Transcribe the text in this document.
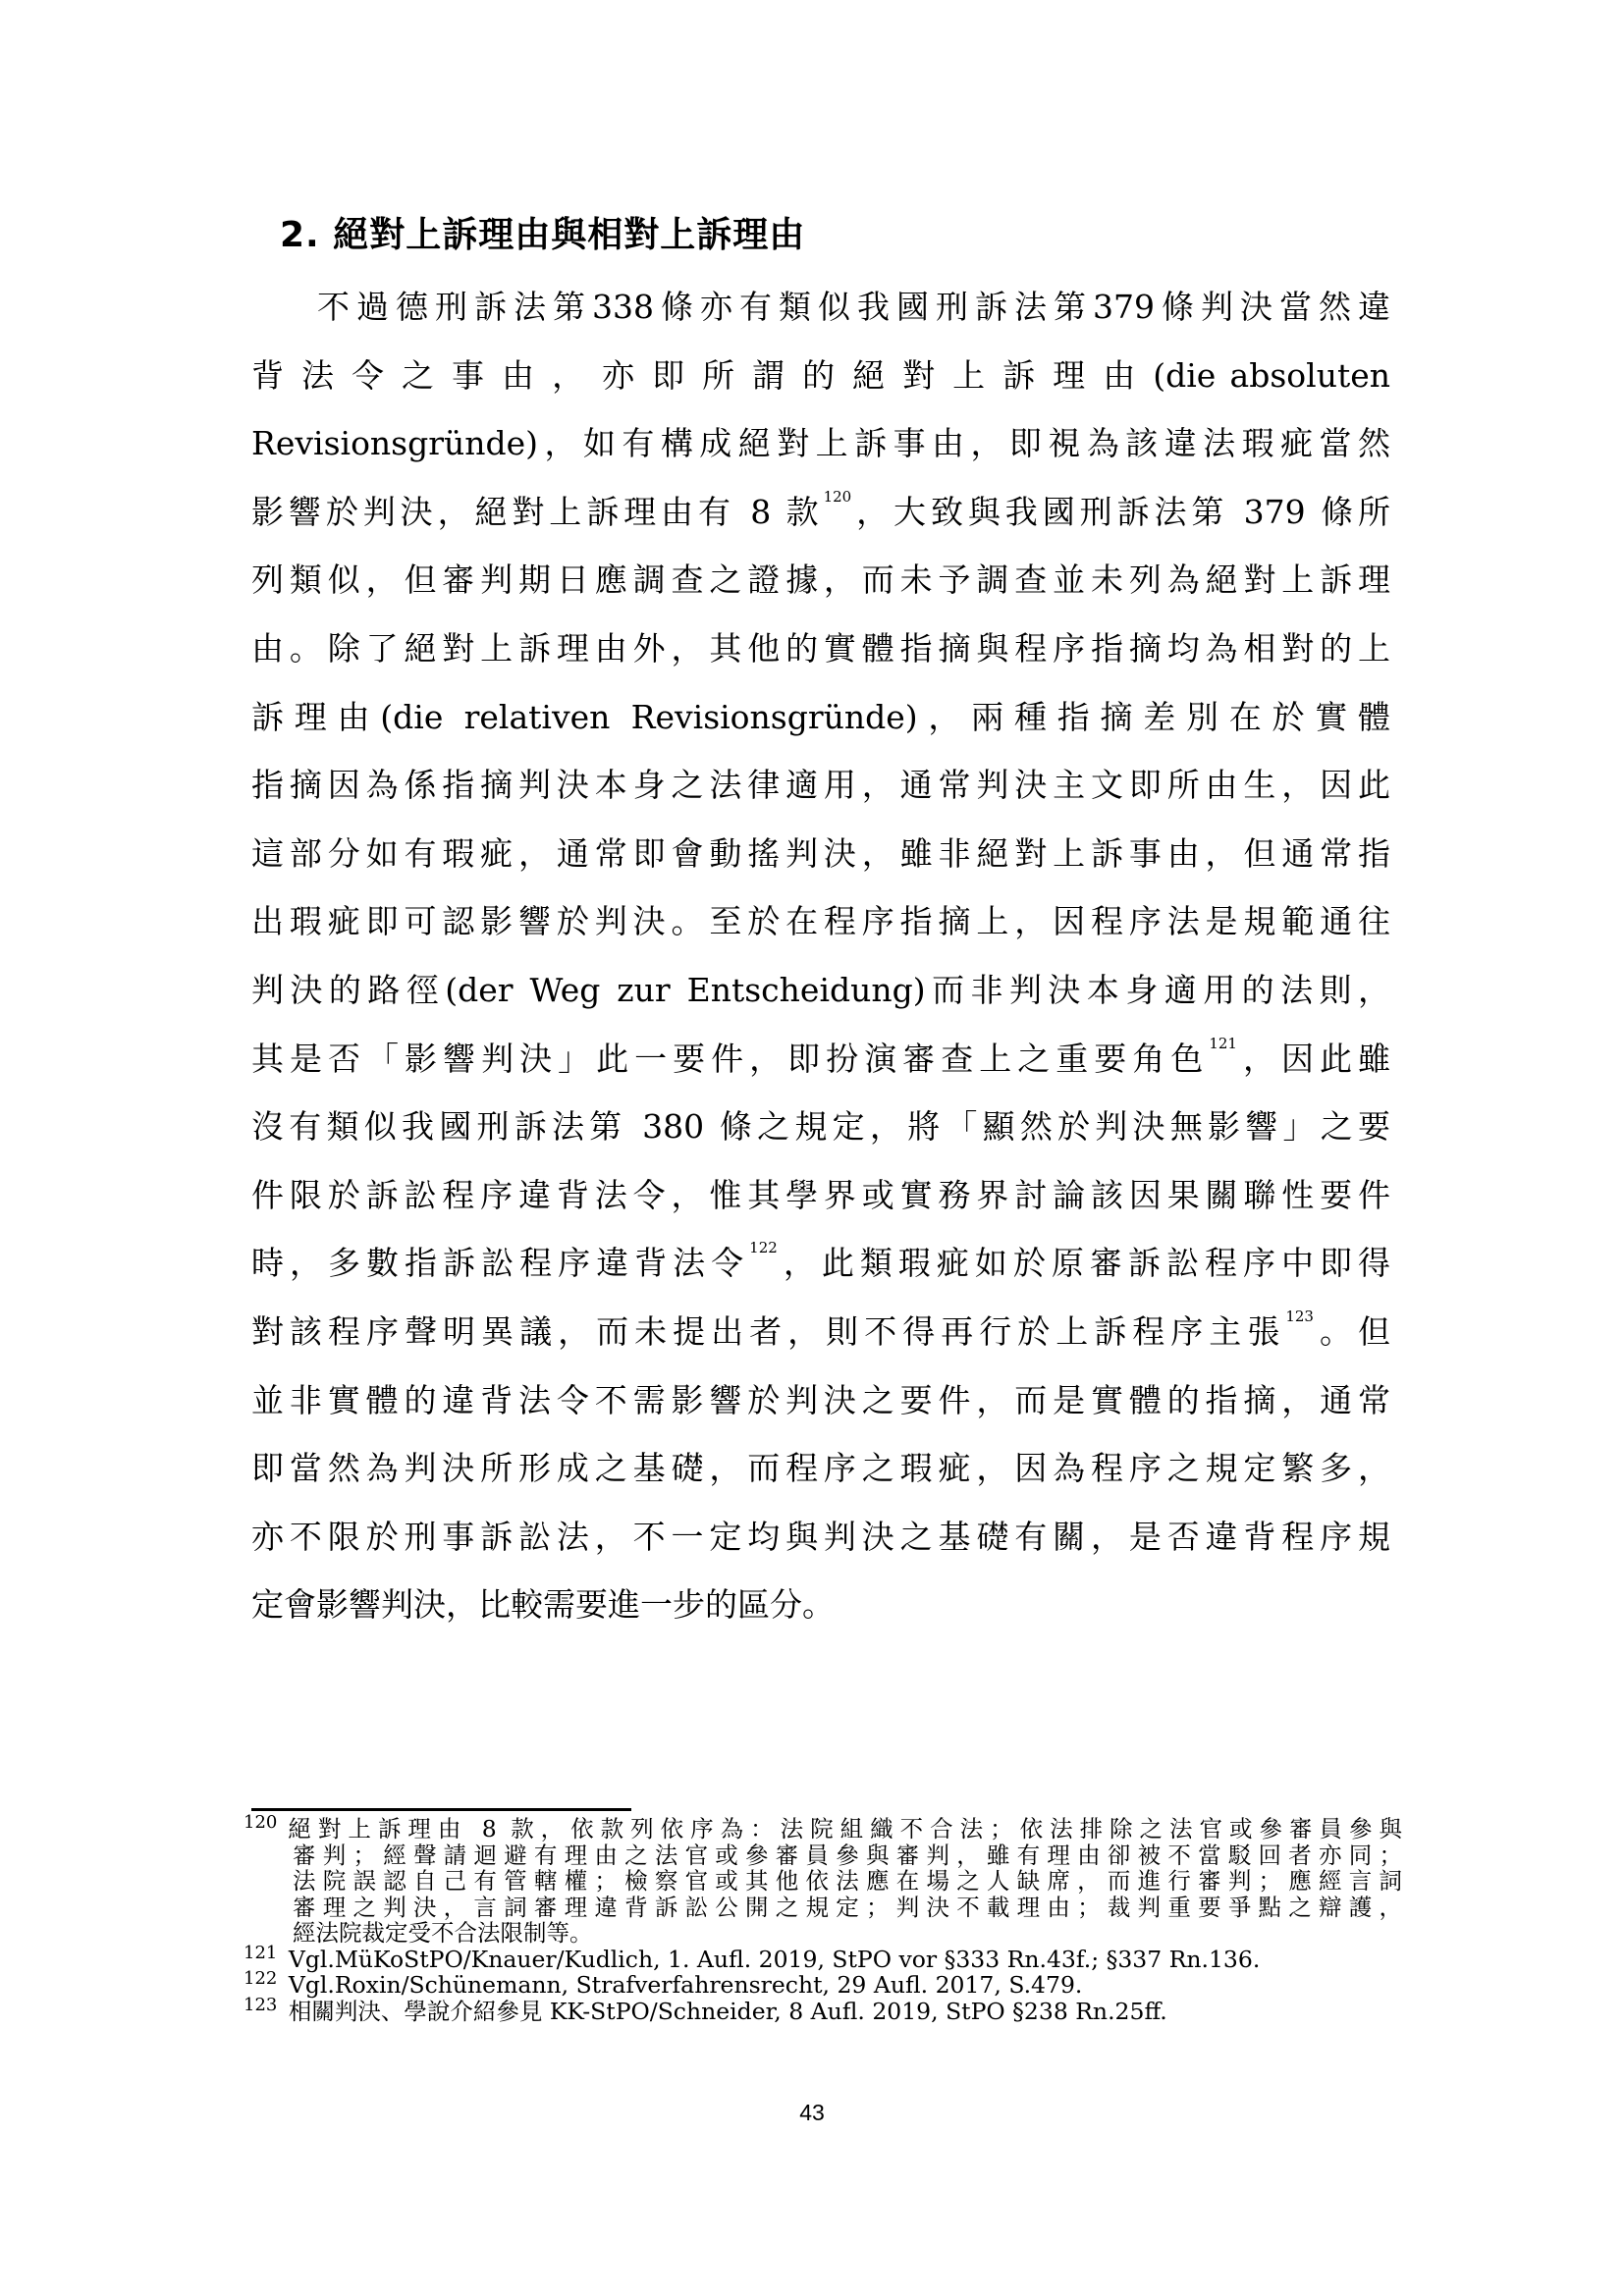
2. 絕對上訴理由與相對上訴理由
不過德刑訴法第338條亦有類似我國刑訴法第379條判決當然違
背 法 令 之 事 由 ， 亦 即 所 謂 的 絕 對 上 訴 理 由 (die absoluten
Revisionsgründe)，如有構成絕對上訴事由，即視為該違法瑕疵當然
影響於判決，絕對上訴理由有 8 款$^{120}$，大致與我國刑訴法第 379 條所
列類似，但審判期日應調查之證據，而未予調查並未列為絕對上訴理
由。除了絕對上訴理由外，其他的實體指摘與程序指摘均為相對的上
訴理由(die relativen Revisionsgründe)，兩種指摘差別在於實體
指摘因為係指摘判決本身之法律適用，通常判決主文即所由生，因此
這部分如有瑕疵，通常即會動搖判決，雖非絕對上訴事由，但通常指
出瑕疵即可認影響於判決。至於在程序指摘上，因程序法是規範通往
判決的路徑(der Weg zur Entscheidung)而非判決本身適用的法則，
其是否「影響判決」此一要件，即扮演審查上之重要角色$^{121}$，因此雖
沒有類似我國刑訴法第 380 條之規定，將「顯然於判決無影響」之要
件限於訴訟程序違背法令，惟其學界或實務界討論該因果關聯性要件
時，多數指訴訟程序違背法令$^{122}$，此類瑕疵如於原審訴訟程序中即得
對該程序聲明異議，而未提出者，則不得再行於上訴程序主張$^{123}$。但
並非實體的違背法令不需影響於判決之要件，而是實體的指摘，通常
即當然為判決所形成之基礎，而程序之瑕疵，因為程序之規定繁多，
亦不限於刑事訴訟法，不一定均與判決之基礎有關，是否違背程序規
定會影響判決，比較需要進一步的區分。
$^{120}$ 絕對上訴理由 8 款，依款列依序為：法院組織不合法；依法排除之法官或參審員參與
審判；經聲請迴避有理由之法官或參審員參與審判，雖有理由卻被不當駁回者亦同；
法院誤認自己有管轄權；檢察官或其他依法應在場之人缺席，而進行審判；應經言詞
審理之判決，言詞審理違背訴訟公開之規定；判決不載理由；裁判重要爭點之辯護，
經法院裁定受不合法限制等。
$^{121}$ Vgl.MüKoStPO/Knauer/Kudlich, 1. Aufl. 2019, StPO vor §333 Rn.43f.; §337 Rn.136.
$^{122}$ Vgl.Roxin/Schünemann, Strafverfahrensrecht, 29 Aufl. 2017, S.479.
$^{123}$ 相關判決、學說介紹參見 KK-StPO/Schneider, 8 Aufl. 2019, StPO §238 Rn.25ff.
43
